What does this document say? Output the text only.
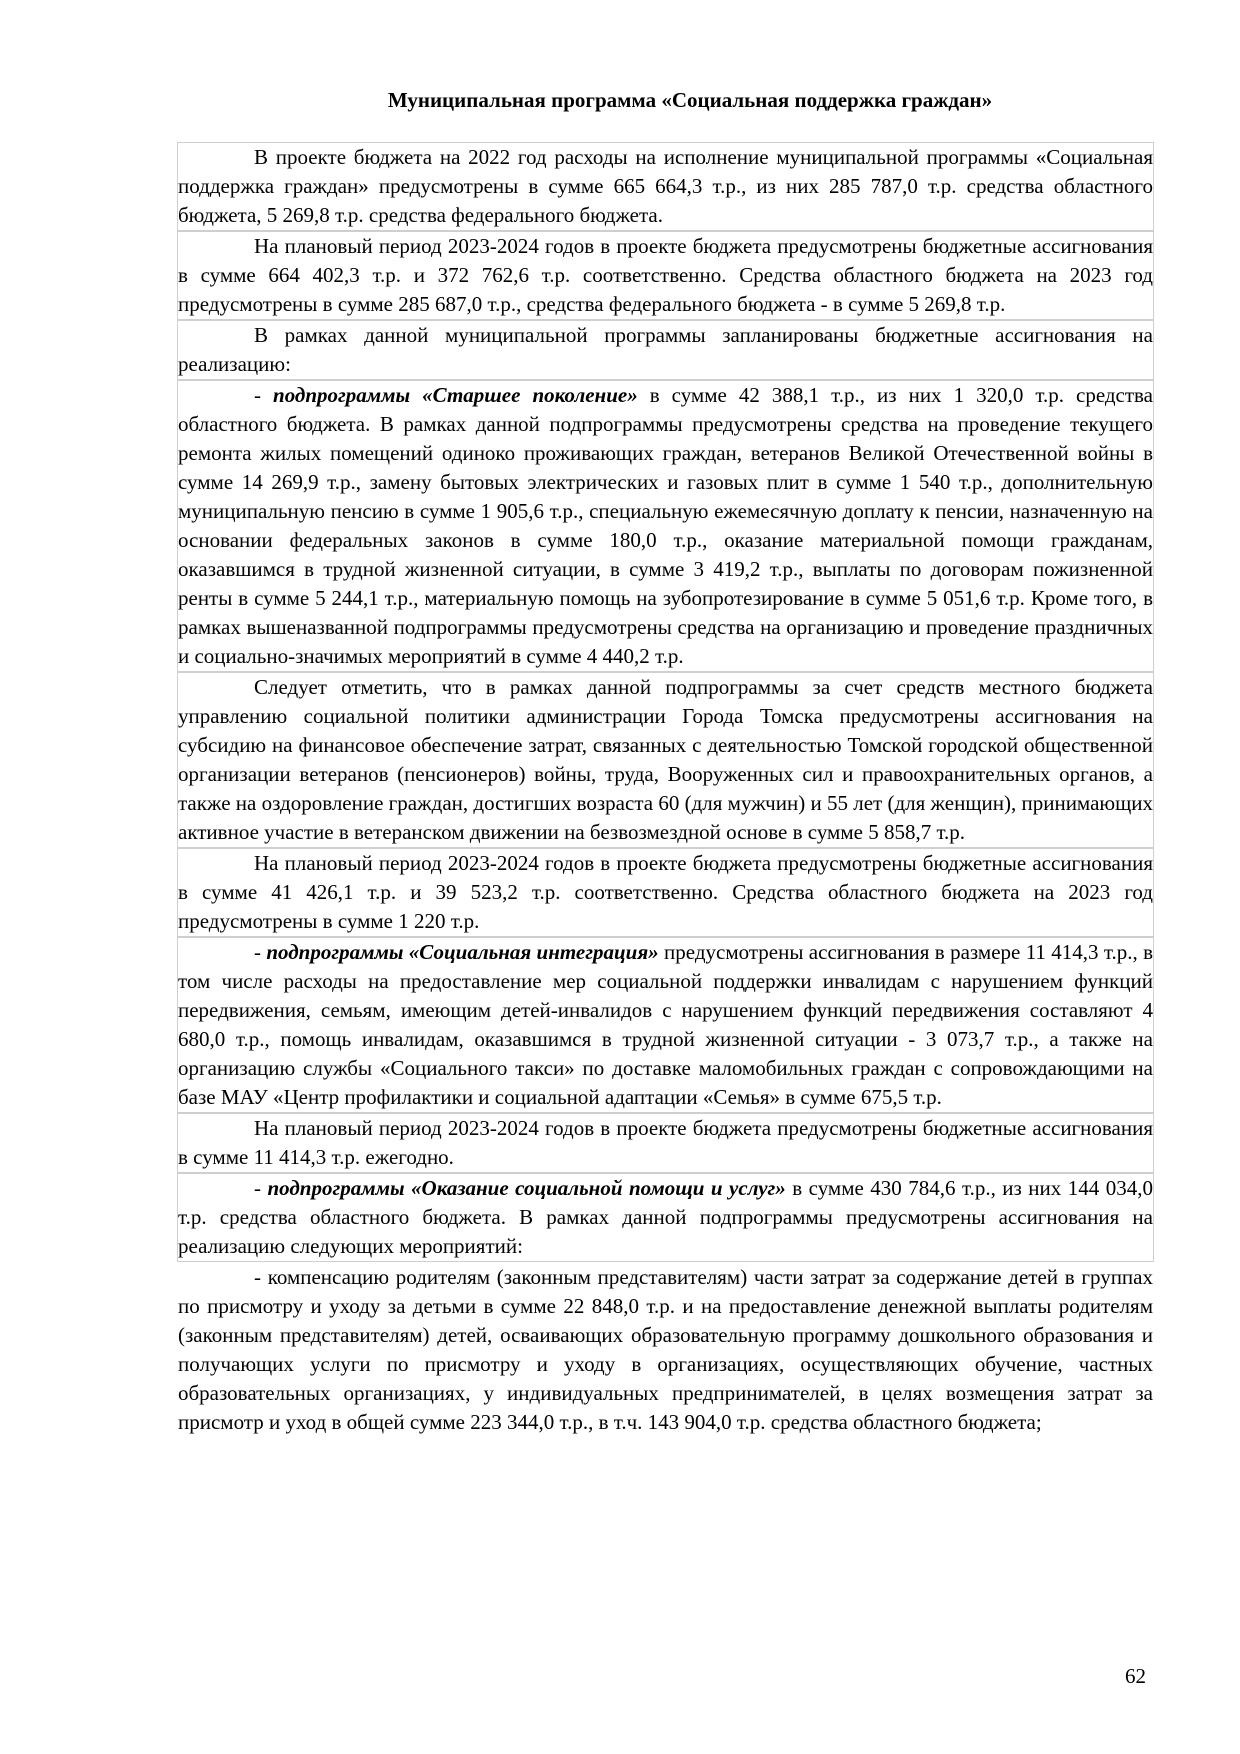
Муниципальная программа «Социальная поддержка граждан»

В проекте бюджета на 2022 год расходы на исполнение муниципальной программы «Социальная поддержка граждан» предусмотрены в сумме 665 664,3 т.р., из них 285 787,0 т.р. средства областного бюджета, 5 269,8 т.р. средства федерального бюджета.

На плановый период 2023-2024 годов в проекте бюджета предусмотрены бюджетные ассигнования в сумме 664 402,3 т.р. и 372 762,6 т.р. соответственно. Средства областного бюджета на 2023 год предусмотрены в сумме 285 687,0 т.р., средства федерального бюджета - в сумме 5 269,8 т.р.

В рамках данной муниципальной программы запланированы бюджетные ассигнования на реализацию:

- подпрограммы «Старшее поколение» в сумме 42 388,1 т.р., из них 1 320,0 т.р. средства областного бюджета. В рамках данной подпрограммы предусмотрены средства на проведение текущего ремонта жилых помещений одиноко проживающих граждан, ветеранов Великой Отечественной войны в сумме 14 269,9 т.р., замену бытовых электрических и газовых плит в сумме 1 540 т.р., дополнительную муниципальную пенсию в сумме 1 905,6 т.р., специальную ежемесячную доплату к пенсии, назначенную на основании федеральных законов в сумме 180,0 т.р., оказание материальной помощи гражданам, оказавшимся в трудной жизненной ситуации, в сумме 3 419,2 т.р., выплаты по договорам пожизненной ренты в сумме 5 244,1 т.р., материальную помощь на зубопротезирование в сумме 5 051,6 т.р. Кроме того, в рамках вышеназванной подпрограммы предусмотрены средства на организацию и проведение праздничных и социально-значимых мероприятий в сумме 4 440,2 т.р.

Следует отметить, что в рамках данной подпрограммы за счет средств местного бюджета управлению социальной политики администрации Города Томска предусмотрены ассигнования на субсидию на финансовое обеспечение затрат, связанных с деятельностью Томской городской общественной организации ветеранов (пенсионеров) войны, труда, Вооруженных сил и правоохранительных органов, а также на оздоровление граждан, достигших возраста 60 (для мужчин) и 55 лет (для женщин), принимающих активное участие в ветеранском движении на безвозмездной основе в сумме 5 858,7 т.р.

На плановый период 2023-2024 годов в проекте бюджета предусмотрены бюджетные ассигнования в сумме 41 426,1 т.р. и 39 523,2 т.р. соответственно. Средства областного бюджета на 2023 год предусмотрены в сумме 1 220 т.р.

- подпрограммы «Социальная интеграция» предусмотрены ассигнования в размере 11 414,3 т.р., в том числе расходы на предоставление мер социальной поддержки инвалидам с нарушением функций передвижения, семьям, имеющим детей-инвалидов с нарушением функций передвижения составляют 4 680,0 т.р., помощь инвалидам, оказавшимся в трудной жизненной ситуации - 3 073,7 т.р., а также на организацию службы «Социального такси» по доставке маломобильных граждан с сопровождающими на базе МАУ «Центр профилактики и социальной адаптации «Семья» в сумме 675,5 т.р.

На плановый период 2023-2024 годов в проекте бюджета предусмотрены бюджетные ассигнования в сумме 11 414,3 т.р. ежегодно.

- подпрограммы «Оказание социальной помощи и услуг» в сумме 430 784,6 т.р., из них 144 034,0 т.р. средства областного бюджета. В рамках данной подпрограммы предусмотрены ассигнования на реализацию следующих мероприятий:

- компенсацию родителям (законным представителям) части затрат за содержание детей в группах по присмотру и уходу за детьми в сумме 22 848,0 т.р. и на предоставление денежной выплаты родителям (законным представителям) детей, осваивающих образовательную программу дошкольного образования и получающих услуги по присмотру и уходу в организациях, осуществляющих обучение, частных образовательных организациях, у индивидуальных предпринимателей, в целях возмещения затрат за присмотр и уход в общей сумме 223 344,0 т.р., в т.ч. 143 904,0 т.р. средства областного бюджета;

62
